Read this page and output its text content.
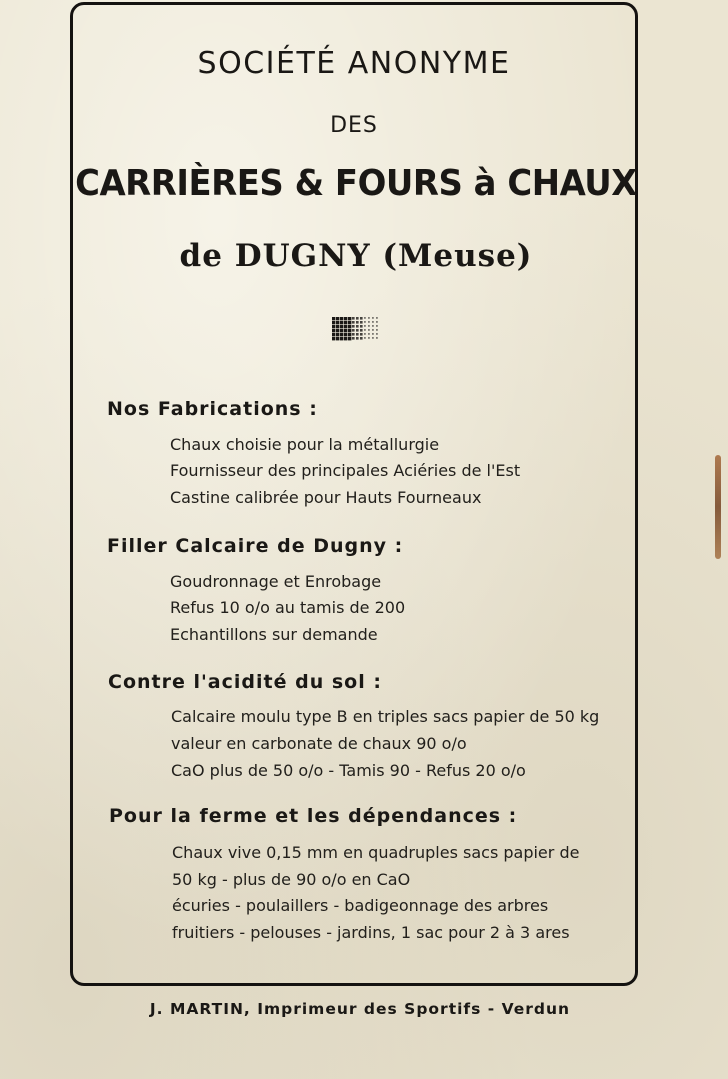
SOCIÉTÉ ANONYME
DES
CARRIÈRES & FOURS à CHAUX
de DUGNY (Meuse)
Nos Fabrications :
Chaux choisie pour la métallurgie
Fournisseur des principales Aciéries de l'Est
Castine calibrée pour Hauts Fourneaux
Filler Calcaire de Dugny :
Goudronnage et Enrobage
Refus 10 o/o au tamis de 200
Echantillons sur demande
Contre l'acidité du sol :
Calcaire moulu type B en triples sacs papier de 50 kg
valeur en carbonate de chaux 90 o/o
CaO plus de 50 o/o - Tamis 90 - Refus 20 o/o
Pour la ferme et les dépendances :
Chaux vive 0,15 mm en quadruples sacs papier de
50 kg - plus de 90 o/o en CaO
écuries - poulaillers - badigeonnage des arbres
fruitiers - pelouses - jardins, 1 sac pour 2 à 3 ares
J. MARTIN, Imprimeur des Sportifs - Verdun
